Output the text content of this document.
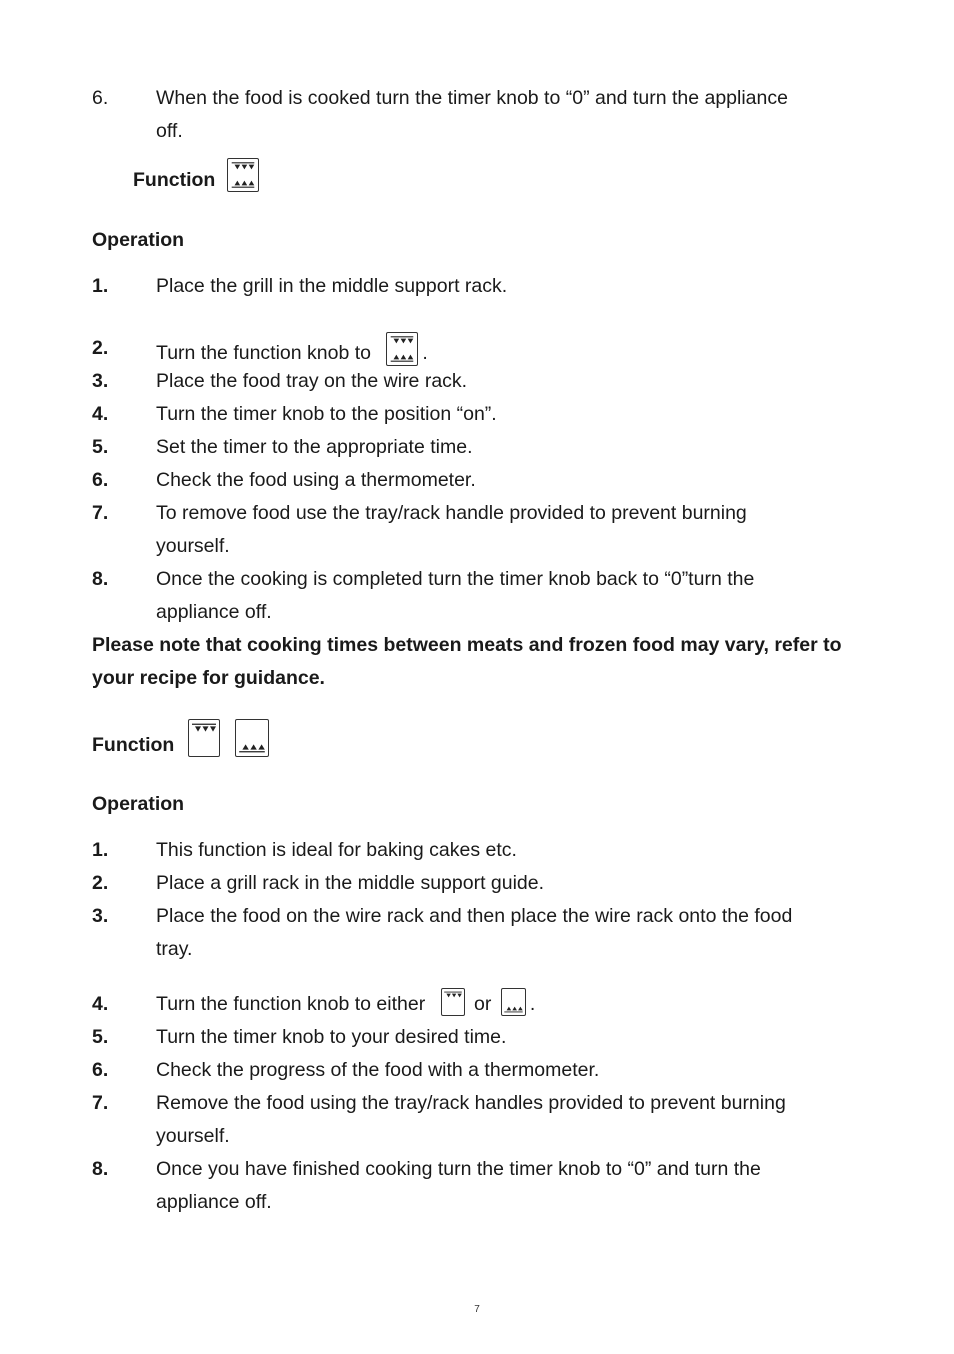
6. When the food is cooked turn the timer knob to “0” and turn the appliance
off.
Function
Operation
1. Place the grill in the middle support rack.
2. Turn the function knob to	.
3. Place the food tray on the wire rack.
4. Turn the timer knob to the position “on”.
5. Set the timer to the appropriate time.
6. Check the food using a thermometer.
7. To remove food use the tray/rack handle provided to prevent burning
yourself.
8. Once the cooking is completed turn the timer knob back to “0”turn the
appliance off.
Please note that cooking times between meats and frozen food may vary, refer to your recipe for guidance.
Function

Operation
1. This function is ideal for baking cakes etc.
2. Place a grill rack in the middle support guide.
3. Place the food on the wire rack and then place the wire rack onto the food
tray.
4. Turn the function knob to either	or .
5. Turn the timer knob to your desired time.
6. Check the progress of the food with a thermometer.
7. Remove the food using the tray/rack handles provided to prevent burning
yourself.
8. Once you have finished cooking turn the timer knob to “0” and turn the
appliance off.
7
